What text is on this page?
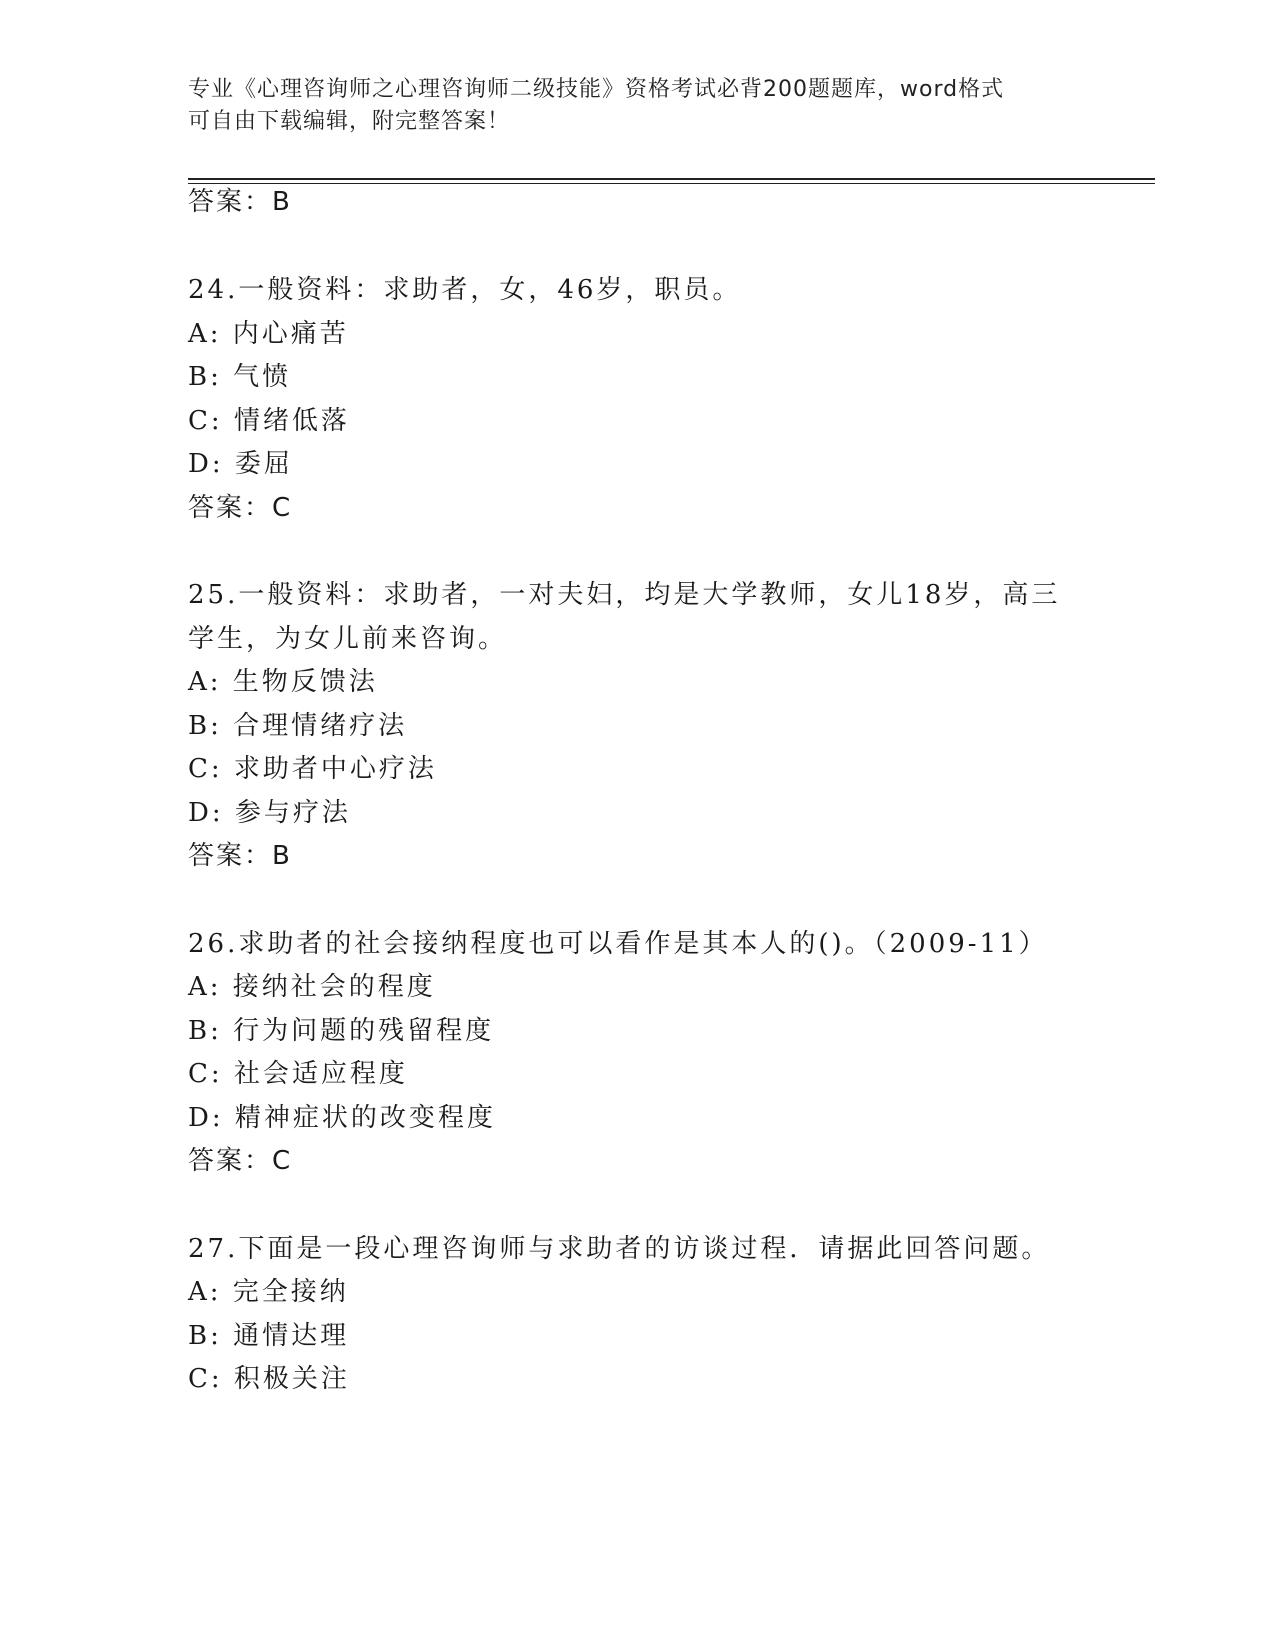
专业《心理咨询师之心理咨询师二级技能》资格考试必背200题题库，word格式
可自由下载编辑，附完整答案！
答案：B
24.一般资料：求助者，女，46岁，职员。
A: 内心痛苦
B: 气愤
C: 情绪低落
D: 委屈
答案：C
25.一般资料：求助者，一对夫妇，均是大学教师，女儿18岁，高三
学生，为女儿前来咨询。
A: 生物反馈法
B: 合理情绪疗法
C: 求助者中心疗法
D: 参与疗法
答案：B
26.求助者的社会接纳程度也可以看作是其本人的()。（2009-11）
A: 接纳社会的程度
B: 行为问题的残留程度
C: 社会适应程度
D: 精神症状的改变程度
答案：C
27.下面是一段心理咨询师与求助者的访谈过程．请据此回答问题。
A: 完全接纳
B: 通情达理
C: 积极关注
